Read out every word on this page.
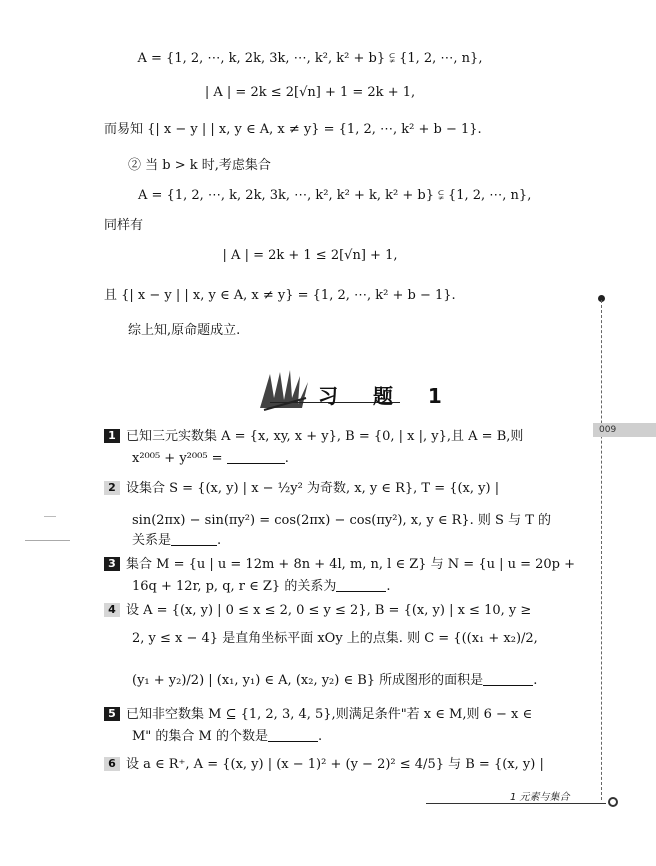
A = {1, 2, ⋯, k, 2k, 3k, ⋯, k², k² + b} ⫋ {1, 2, ⋯, n},
| A | = 2k ≤ 2[√n] + 1 = 2k + 1,
而易知 {| x − y | | x, y ∈ A, x ≠ y} = {1, 2, ⋯, k² + b − 1}.
② 当 b > k 时,考虑集合
A = {1, 2, ⋯, k, 2k, 3k, ⋯, k², k² + k, k² + b} ⫋ {1, 2, ⋯, n},
同样有
| A | = 2k + 1 ≤ 2[√n] + 1,
且 {| x − y | | x, y ∈ A, x ≠ y} = {1, 2, ⋯, k² + b − 1}.
综上知,原命题成立.
习 题 1
1 已知三元实数集 A = {x, xy, x + y}, B = {0, | x |, y},且 A = B,则
x²⁰⁰⁵ + y²⁰⁰⁵ =	.
2 设集合 S = {(x, y) | x − ½y² 为奇数, x, y ∈ R}, T = {(x, y) |
sin(2πx) − sin(πy²) = cos(2πx) − cos(πy²), x, y ∈ R}. 则 S 与 T 的
关系是	.
3 集合 M = {u | u = 12m + 8n + 4l, m, n, l ∈ Z} 与 N = {u | u = 20p +
16q + 12r, p, q, r ∈ Z} 的关系为	.
4 设 A = {(x, y) | 0 ≤ x ≤ 2, 0 ≤ y ≤ 2}, B = {(x, y) | x ≤ 10, y ≥
2, y ≤ x − 4} 是直角坐标平面 xOy 上的点集. 则 C = {((x₁ + x₂)/2,
(y₁ + y₂)/2) | (x₁, y₁) ∈ A, (x₂, y₂) ∈ B} 所成图形的面积是	.
5 已知非空数集 M ⊆ {1, 2, 3, 4, 5},则满足条件"若 x ∈ M,则 6 − x ∈
M" 的集合 M 的个数是	.
6 设 a ∈ R⁺, A = {(x, y) | (x − 1)² + (y − 2)² ≤ 4/5} 与 B = {(x, y) |
009
1 元素与集合
